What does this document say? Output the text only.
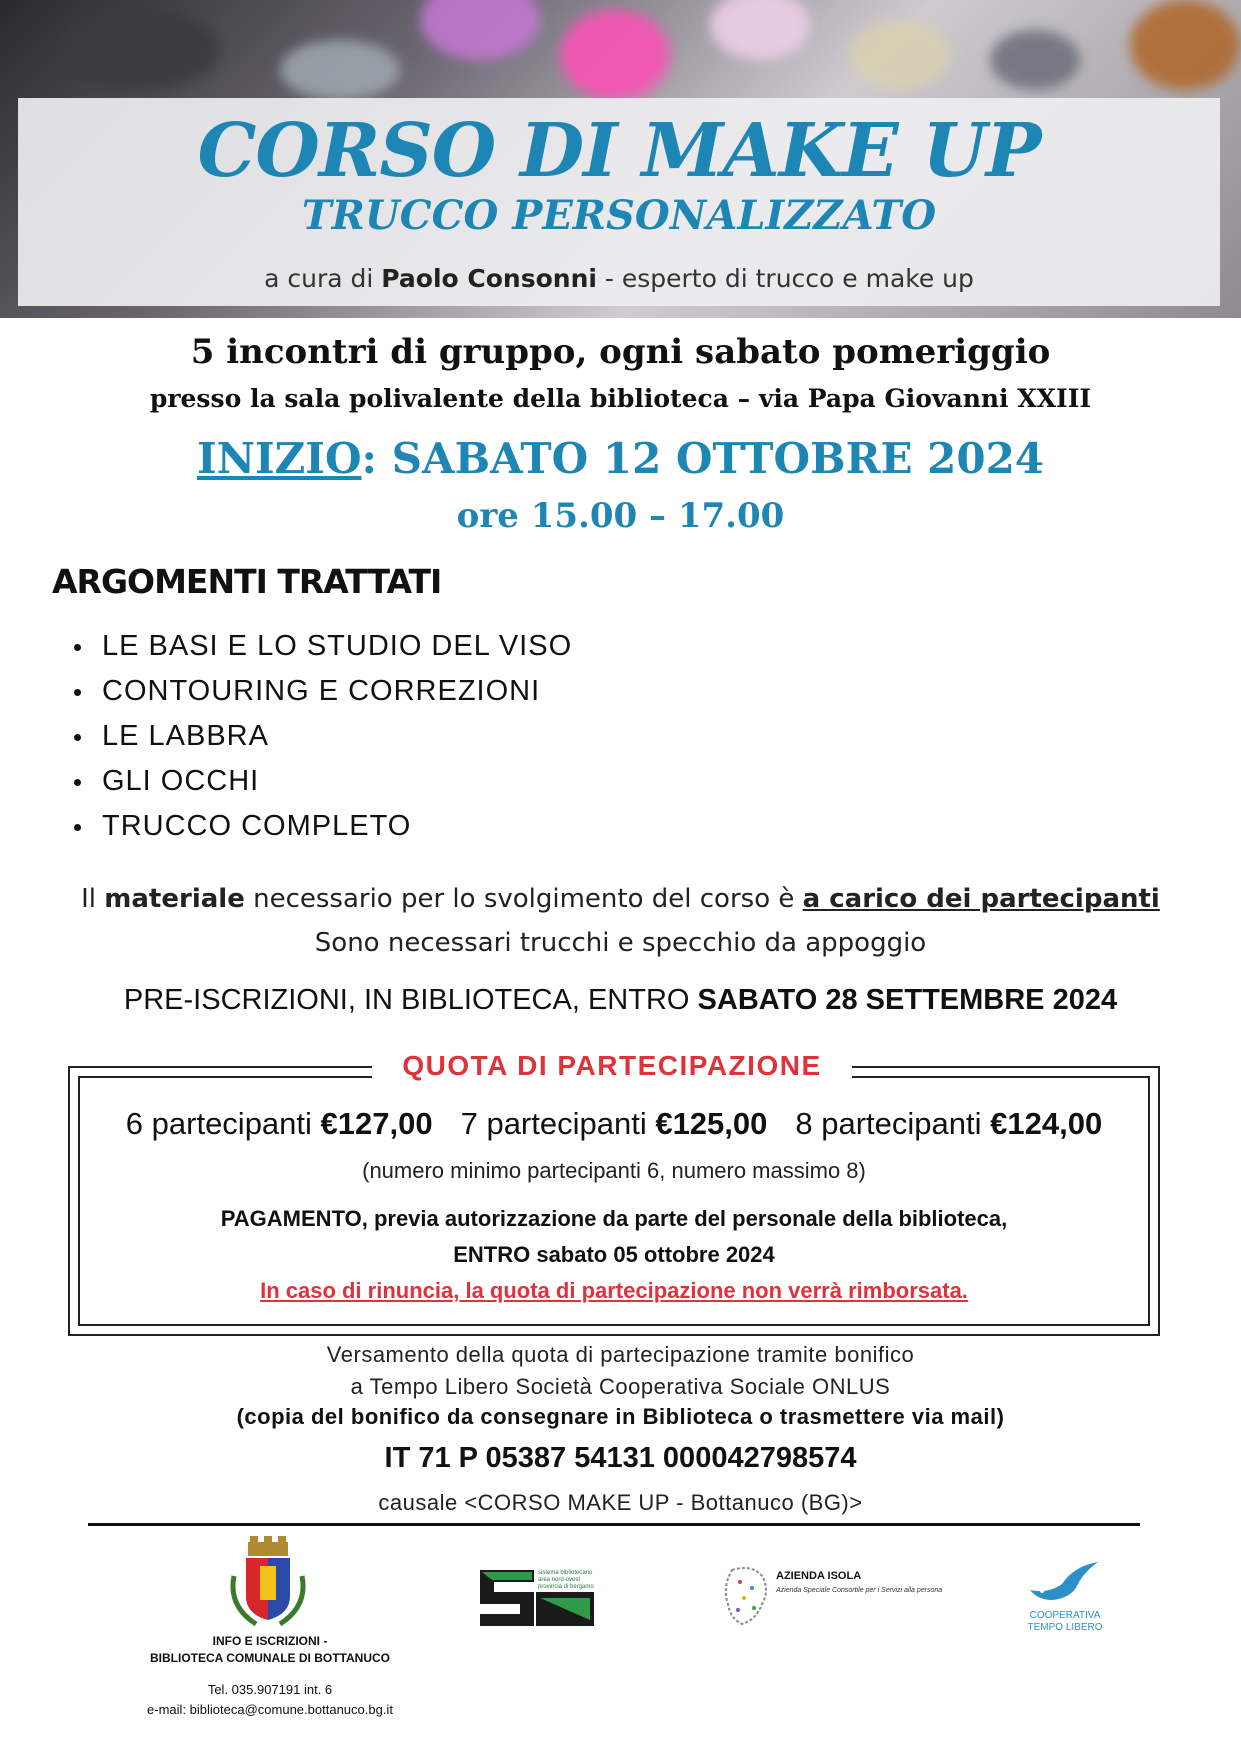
CORSO DI MAKE UP
TRUCCO PERSONALIZZATO
a cura di Paolo Consonni - esperto di trucco e make up
5 incontri di gruppo, ogni sabato pomeriggio
presso la sala polivalente della biblioteca – via Papa Giovanni XXIII
INIZIO: SABATO 12 OTTOBRE 2024
ore 15.00 – 17.00
ARGOMENTI TRATTATI
LE BASI E LO STUDIO DEL VISO
CONTOURING E CORREZIONI
LE LABBRA
GLI OCCHI
TRUCCO COMPLETO
Il materiale necessario per lo svolgimento del corso è a carico dei partecipanti
Sono necessari trucchi e specchio da appoggio
PRE-ISCRIZIONI, IN BIBLIOTECA, ENTRO SABATO 28 SETTEMBRE 2024
QUOTA DI PARTECIPAZIONE
6 partecipanti €127,00 7 partecipanti €125,00 8 partecipanti €124,00
(numero minimo partecipanti 6, numero massimo 8)
PAGAMENTO, previa autorizzazione da parte del personale della biblioteca,
ENTRO sabato 05 ottobre 2024
In caso di rinuncia, la quota di partecipazione non verrà rimborsata.
Versamento della quota di partecipazione tramite bonifico
a Tempo Libero Società Cooperativa Sociale ONLUS
(copia del bonifico da consegnare in Biblioteca o trasmettere via mail)
IT 71 P 05387 54131 000042798574
causale <CORSO MAKE UP - Bottanuco (BG)>
INFO E ISCRIZIONI -
BIBLIOTECA COMUNALE DI BOTTANUCO
Tel. 035.907191 int. 6
e-mail: biblioteca@comune.bottanuco.bg.it
sistema bibliotecario area nord-ovest provincia di bergamo
AZIENDA ISOLA
Azienda Speciale Consortile per i Servizi alla persona
COOPERATIVA
TEMPO LIBERO
